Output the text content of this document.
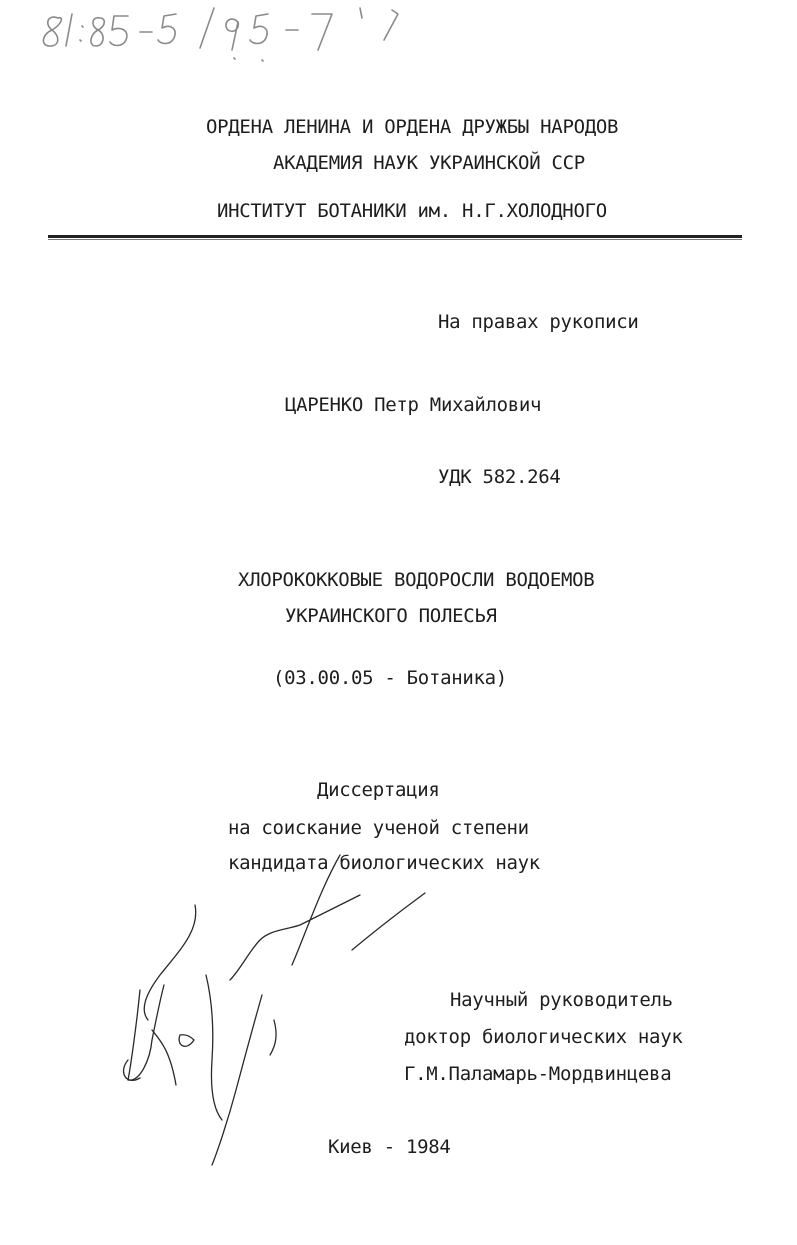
ОРДЕНА ЛЕНИНА И ОРДЕНА ДРУЖБЫ НАРОДОВ
АКАДЕМИЯ НАУК УКРАИНСКОЙ ССР
ИНСТИТУТ БОТАНИКИ им. Н.Г.ХОЛОДНОГО
На правах рукописи
ЦАРЕНКО Петр Михайлович
УДК 582.264
ХЛОРОКОККОВЫЕ ВОДОРОСЛИ ВОДОЕМОВ
УКРАИНСКОГО ПОЛЕСЬЯ
(03.00.05 - Ботаника)
Диссертация
на соискание ученой степени
кандидата биологических наук
Научный руководитель
доктор биологических наук
Г.М.Паламарь-Мордвинцева
Киев - 1984
